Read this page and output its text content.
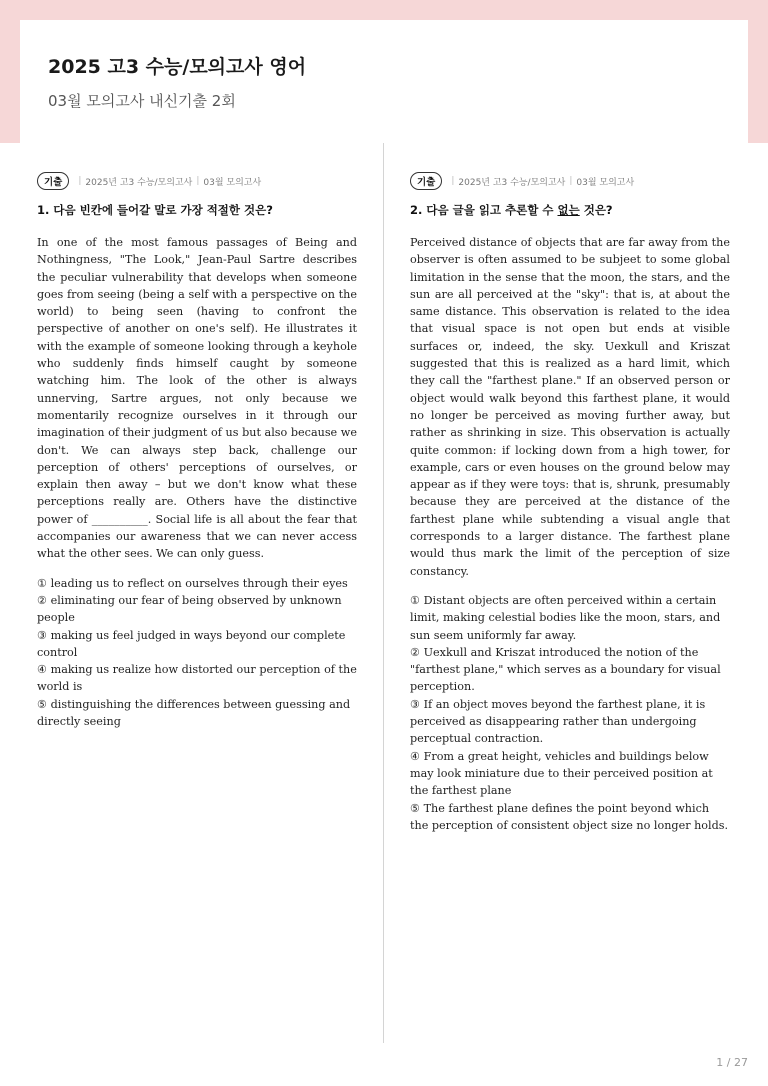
2025 고3 수능/모의고사 영어
03월 모의고사 내신기출 2회
기출	| 2025년 고3 수능/모의고사 | 03월 모의고사
1. 다음 빈칸에 들어갈 말로 가장 적절한 것은?
In one of the most famous passages of Being and Nothingness, "The Look," Jean-Paul Sartre describes the peculiar vulnerability that develops when someone goes from seeing (being a self with a perspective on the world) to being seen (having to confront the perspective of another on one's self). He illustrates it with the example of someone looking through a keyhole who suddenly finds himself caught by someone watching him. The look of the other is always unnerving, Sartre argues, not only because we momentarily recognize ourselves in it through our imagination of their judgment of us but also because we don't. We can always step back, challenge our perception of others' perceptions of ourselves, or explain then away – but we don't know what these perceptions really are. Others have the distinctive power of __________. Social life is all about the fear that accompanies our awareness that we can never access what the other sees. We can only guess.
① leading us to reflect on ourselves through their eyes
② eliminating our fear of being observed by unknown people
③ making us feel judged in ways beyond our complete control
④ making us realize how distorted our perception of the world is
⑤ distinguishing the differences between guessing and directly seeing
기출	| 2025년 고3 수능/모의고사 | 03월 모의고사
2. 다음 글을 읽고 추론할 수 없는 것은?
Perceived distance of objects that are far away from the observer is often assumed to be subjeet to some global limitation in the sense that the moon, the stars, and the sun are all perceived at the "sky": that is, at about the same distance. This observation is related to the idea that visual space is not open but ends at visible surfaces or, indeed, the sky. Uexkull and Kriszat suggested that this is realized as a hard limit, which they call the "farthest plane." If an observed person or object would walk beyond this farthest plane, it would no longer be perceived as moving further away, but rather as shrinking in size. This observation is actually quite common: if locking down from a high tower, for example, cars or even houses on the ground below may appear as if they were toys: that is, shrunk, presumably because they are perceived at the distance of the farthest plane while subtending a visual angle that corresponds to a larger distance. The farthest plane would thus mark the limit of the perception of size constancy.
① Distant objects are often perceived within a certain limit, making celestial bodies like the moon, stars, and sun seem uniformly far away.
② Uexkull and Kriszat introduced the notion of the "farthest plane," which serves as a boundary for visual perception.
③ If an object moves beyond the farthest plane, it is perceived as disappearing rather than undergoing perceptual contraction.
④ From a great height, vehicles and buildings below may look miniature due to their perceived position at the farthest plane
⑤ The farthest plane defines the point beyond which the perception of consistent object size no longer holds.
1 / 27
